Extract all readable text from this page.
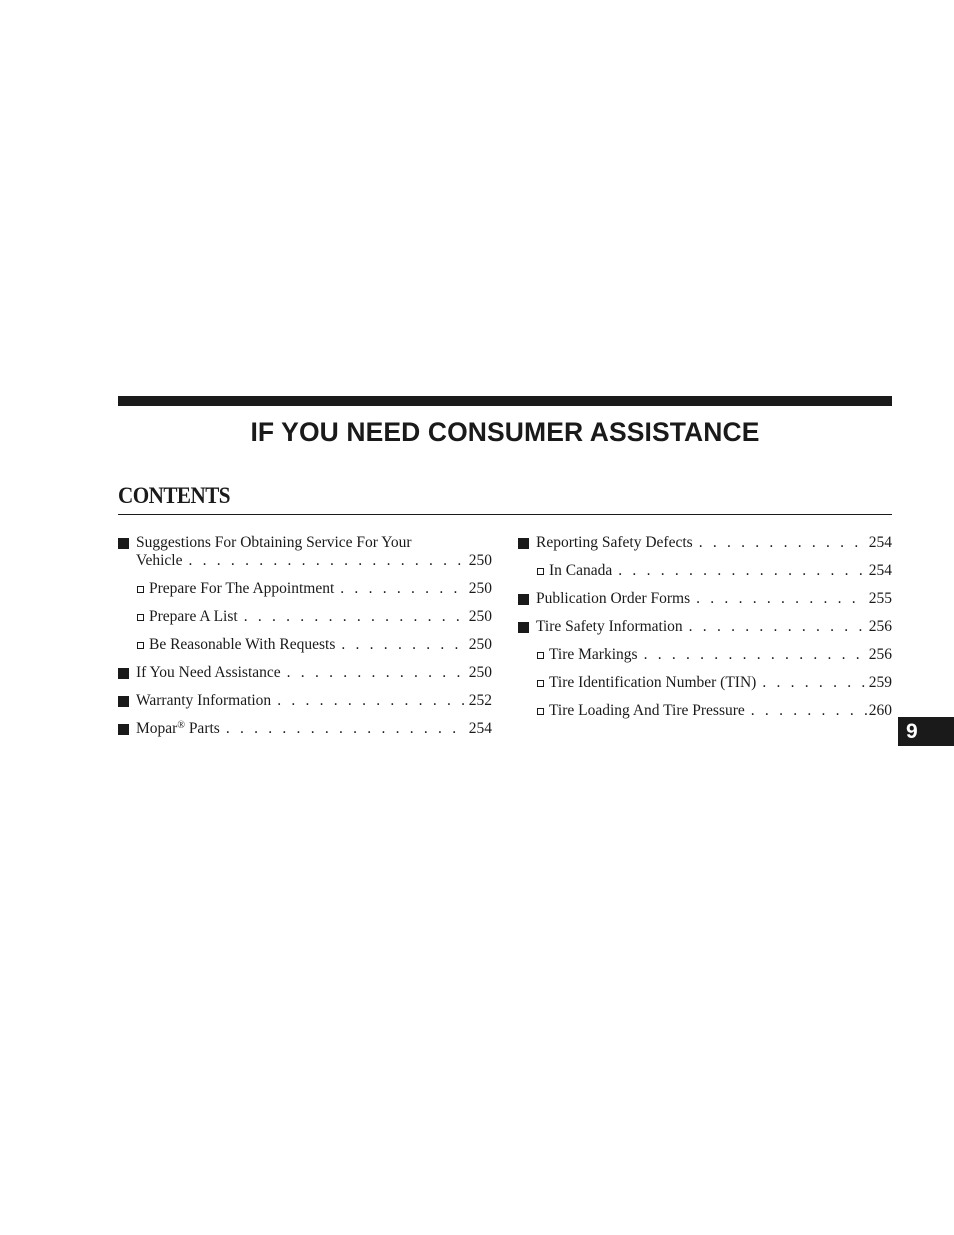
IF YOU NEED CONSUMER ASSISTANCE
CONTENTS
Suggestions For Obtaining Service For Your
Vehicle . . .	250
Prepare For The Appointment . . .	250
Prepare A List . . .	250
Be Reasonable With Requests . . .	250
If You Need Assistance . . .	250
Warranty Information . . .	252
Mopar® Parts . . .	254
Reporting Safety Defects . . .	254
In Canada . . .	254
Publication Order Forms . . .	255
Tire Safety Information . . .	256
Tire Markings . . .	256
Tire Identification Number (TIN) . . .	259
Tire Loading And Tire Pressure . . .	260
9
